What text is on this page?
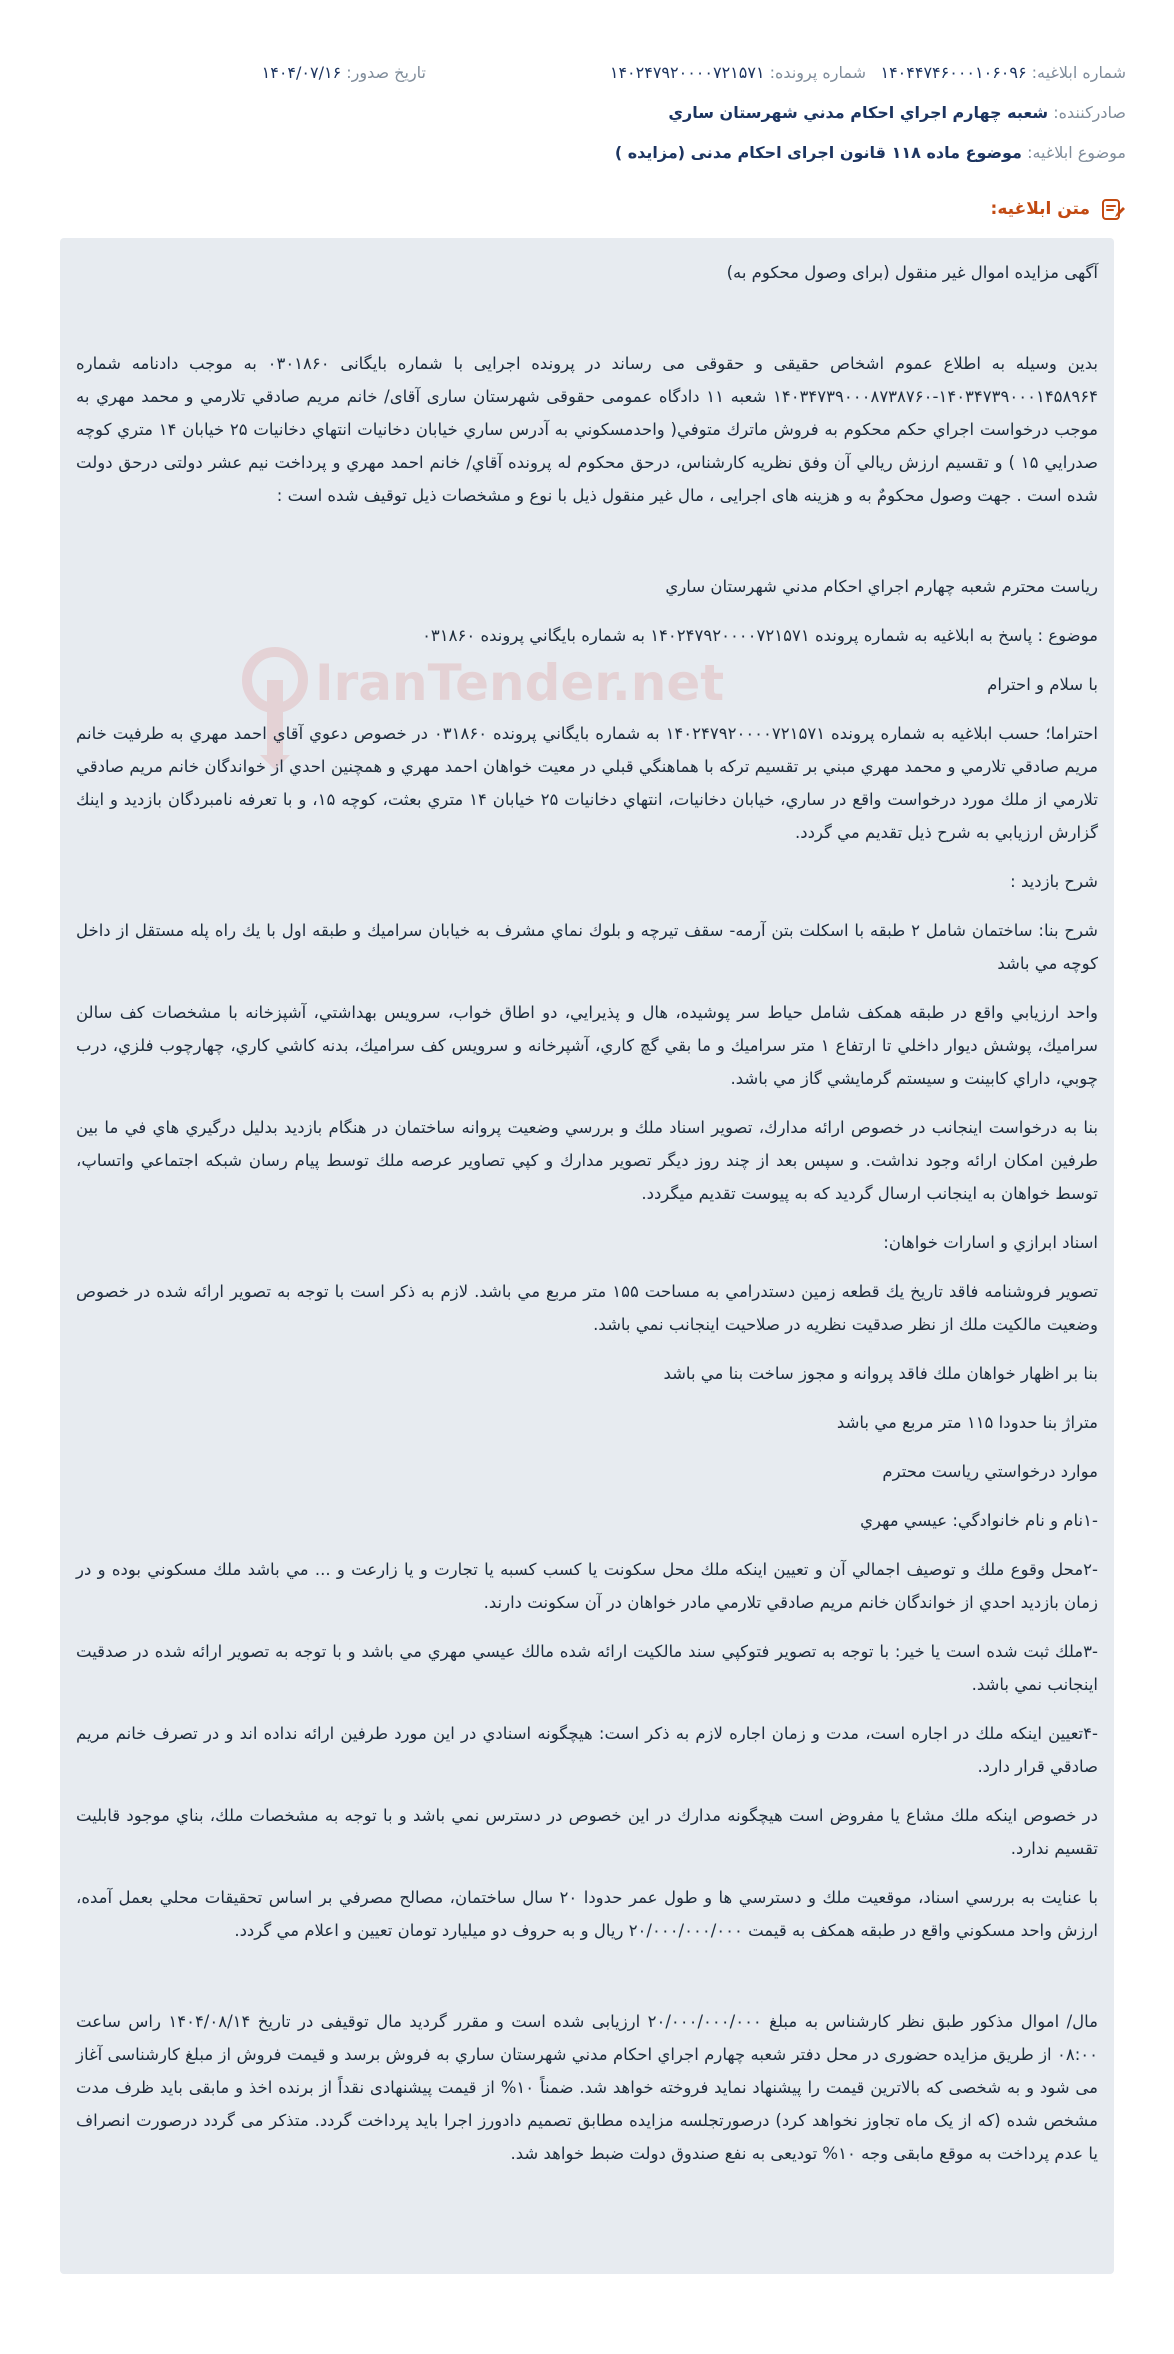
شماره ابلاغیه: ۱۴۰۴۴۷۴۶۰۰۰۱۰۶۰۹۶
شماره پرونده: ۱۴۰۲۴۷۹۲۰۰۰۰۷۲۱۵۷۱
تاریخ صدور: ۱۴۰۴/۰۷/۱۶
صادرکننده:

شعبه چهارم اجراي احكام مدني شهرستان ساري
موضوع ابلاغیه:

موضوع ماده ۱۱۸ قانون اجرای احکام مدنی (مزایده )
متن ابلاغیه:
IranTender.net

آگهی مزایده اموال غیر منقول (برای وصول محکوم به)

بدین وسیله به اطلاع عموم اشخاص حقیقی و حقوقی می رساند در پرونده اجرایی با شماره بایگانی ۰۳۰۱۸۶۰ به موجب دادنامه شماره ۱۴۰۳۴۷۳۹۰۰۰۱۴۵۸۹۶۴-۱۴۰۳۴۷۳۹۰۰۰۸۷۳۸۷۶۰ شعبه ۱۱ دادگاه عمومی حقوقی شهرستان ساری آقای/ خانم مریم صادقي تلارمي و محمد مهري به موجب درخواست اجراي حكم محکوم به فروش ماترك متوفي( واحدمسكوني به آدرس ساري خيابان دخانيات انتهاي دخانيات ۲۵ خيابان ۱۴ متري كوچه صدرايي ۱۵ ) و تقسيم ارزش ريالي آن وفق نظريه كارشناس، درحق محکوم له پرونده آقاي/ خانم احمد مهري و پرداخت نیم عشر دولتی درحق دولت شده است . جهت وصول محکومٌ به و هزینه های اجرایی ، مال غیر منقول ذیل با نوع و مشخصات ذیل توقیف شده است :

رياست محترم شعبه چهارم اجراي احكام مدني شهرستان ساري

موضوع : پاسخ به ابلاغيه به شماره پرونده ۱۴۰۲۴۷۹۲۰۰۰۰۷۲۱۵۷۱ به شماره بايگاني پرونده ۰۳۱۸۶۰

با سلام و احترام

احتراما؛ حسب ابلاغيه به شماره پرونده ۱۴۰۲۴۷۹۲۰۰۰۰۷۲۱۵۷۱ به شماره بايگاني پرونده ۰۳۱۸۶۰ در خصوص دعوي آقاي احمد مهري به طرفيت خانم مريم صادقي تلارمي و محمد مهري مبني بر تقسيم تركه با هماهنگي قبلي در معيت خواهان احمد مهري و همچنين احدي از خواندگان خانم مريم صادقي تلارمي از ملك مورد درخواست واقع در ساري، خيابان دخانيات، انتهاي دخانيات ۲۵ خيابان ۱۴ متري بعثت، كوچه ۱۵، و با تعرفه نامبردگان بازديد و اينك گزارش ارزيابي به شرح ذيل تقديم مي گردد.

شرح بازديد :

شرح بنا: ساختمان شامل ۲ طبقه با اسكلت بتن آرمه- سقف تيرچه و بلوك نماي مشرف به خيابان سراميك و طبقه اول با يك راه پله مستقل از داخل كوچه مي باشد

واحد ارزيابي واقع در طبقه همكف شامل حياط سر پوشيده، هال و پذيرايي، دو اطاق خواب، سرويس بهداشتي، آشپزخانه با مشخصات كف سالن سراميك، پوشش ديوار داخلي تا ارتفاع ۱ متر سراميك و ما بقي گچ كاري، آشپرخانه و سرويس كف سراميك، بدنه كاشي كاري، چهارچوب فلزي، درب چوبي، داراي كابينت و سيستم گرمايشي گاز مي باشد.

بنا به درخواست اينجانب در خصوص ارائه مدارك، تصوير اسناد ملك و بررسي وضعيت پروانه ساختمان در هنگام بازديد بدليل درگيري هاي في ما بين طرفين امكان ارائه وجود نداشت. و سپس بعد از چند روز ديگر تصوير مدارك و كپي تصاوير عرصه ملك توسط پيام رسان شبكه اجتماعي واتساپ، توسط خواهان به اينجانب ارسال گرديد كه به پيوست تقديم ميگردد.

اسناد ابرازي و اسارات خواهان:

تصوير فروشنامه فاقد تاريخ يك قطعه زمين دستدرامي به مساحت ۱۵۵ متر مربع مي باشد. لازم به ذكر است با توجه به تصوير ارائه شده در خصوص وضعيت مالكيت ملك از نظر صدقيت نظريه در صلاحيت اينجانب نمي باشد.

بنا بر اظهار خواهان ملك فاقد پروانه و مجوز ساخت بنا مي باشد

متراژ بنا حدودا ۱۱۵ متر مربع مي باشد

موارد درخواستي رياست محترم

-۱نام و نام خانوادگي: عيسي مهري

-۲محل وقوع ملك و توصيف اجمالي آن و تعيين اينكه ملك محل سكونت يا كسب كسبه يا تجارت و يا زارعت و ... مي باشد ملك مسكوني بوده و در زمان بازديد احدي از خواندگان خانم مريم صادقي تلارمي مادر خواهان در آن سكونت دارند.

-۳ملك ثبت شده است يا خير: با توجه به تصوير فتوكپي سند مالكيت ارائه شده مالك عيسي مهري مي باشد و با توجه به تصوير ارائه شده در صدقيت اينجانب نمي باشد.

-۴تعيين اينكه ملك در اجاره است، مدت و زمان اجاره لازم به ذكر است: هيچگونه اسنادي در اين مورد طرفين ارائه نداده اند و در تصرف خانم مريم صادقي قرار دارد.

در خصوص اينكه ملك مشاع يا مفروض است هيچگونه مدارك در اين خصوص در دسترس نمي باشد و با توجه به مشخصات ملك، بناي موجود قابليت تقسيم ندارد.

با عنايت به بررسي اسناد، موقعيت ملك و دسترسي ها و طول عمر حدودا ۲۰ سال ساختمان، مصالح مصرفي بر اساس تحقيقات محلي بعمل آمده، ارزش واحد مسكوني واقع در طبقه همكف به قيمت ۲۰/۰۰۰/۰۰۰/۰۰۰ ريال و به حروف دو ميليارد تومان تعيين و اعلام مي گردد.

مال/ اموال مذکور طبق نظر کارشناس به مبلغ ۲۰/۰۰۰/۰۰۰/۰۰۰ ارزیابی شده است و مقرر گردید مال توقیفی در تاریخ ۱۴۰۴/۰۸/۱۴ راس ساعت ۰۸:۰۰ از طریق مزایده حضوری در محل دفتر شعبه چهارم اجراي احكام مدني شهرستان ساري به فروش برسد و قیمت فروش از مبلغ کارشناسی آغاز می شود و به شخصی که بالاترین قیمت را پیشنهاد نماید فروخته خواهد شد. ضمناً ۱۰% از قیمت پیشنهادی نقداً از برنده اخذ و مابقی باید ظرف مدت مشخص شده (كه از يک ماه تجاوز نخواهد کرد) درصورتجلسه مزایده مطابق تصمیم دادورز اجرا باید پرداخت گردد. متذکر می گردد درصورت انصراف یا عدم پرداخت به موقع مابقی وجه ۱۰% تودیعی به نفع صندوق دولت ضبط خواهد شد.
